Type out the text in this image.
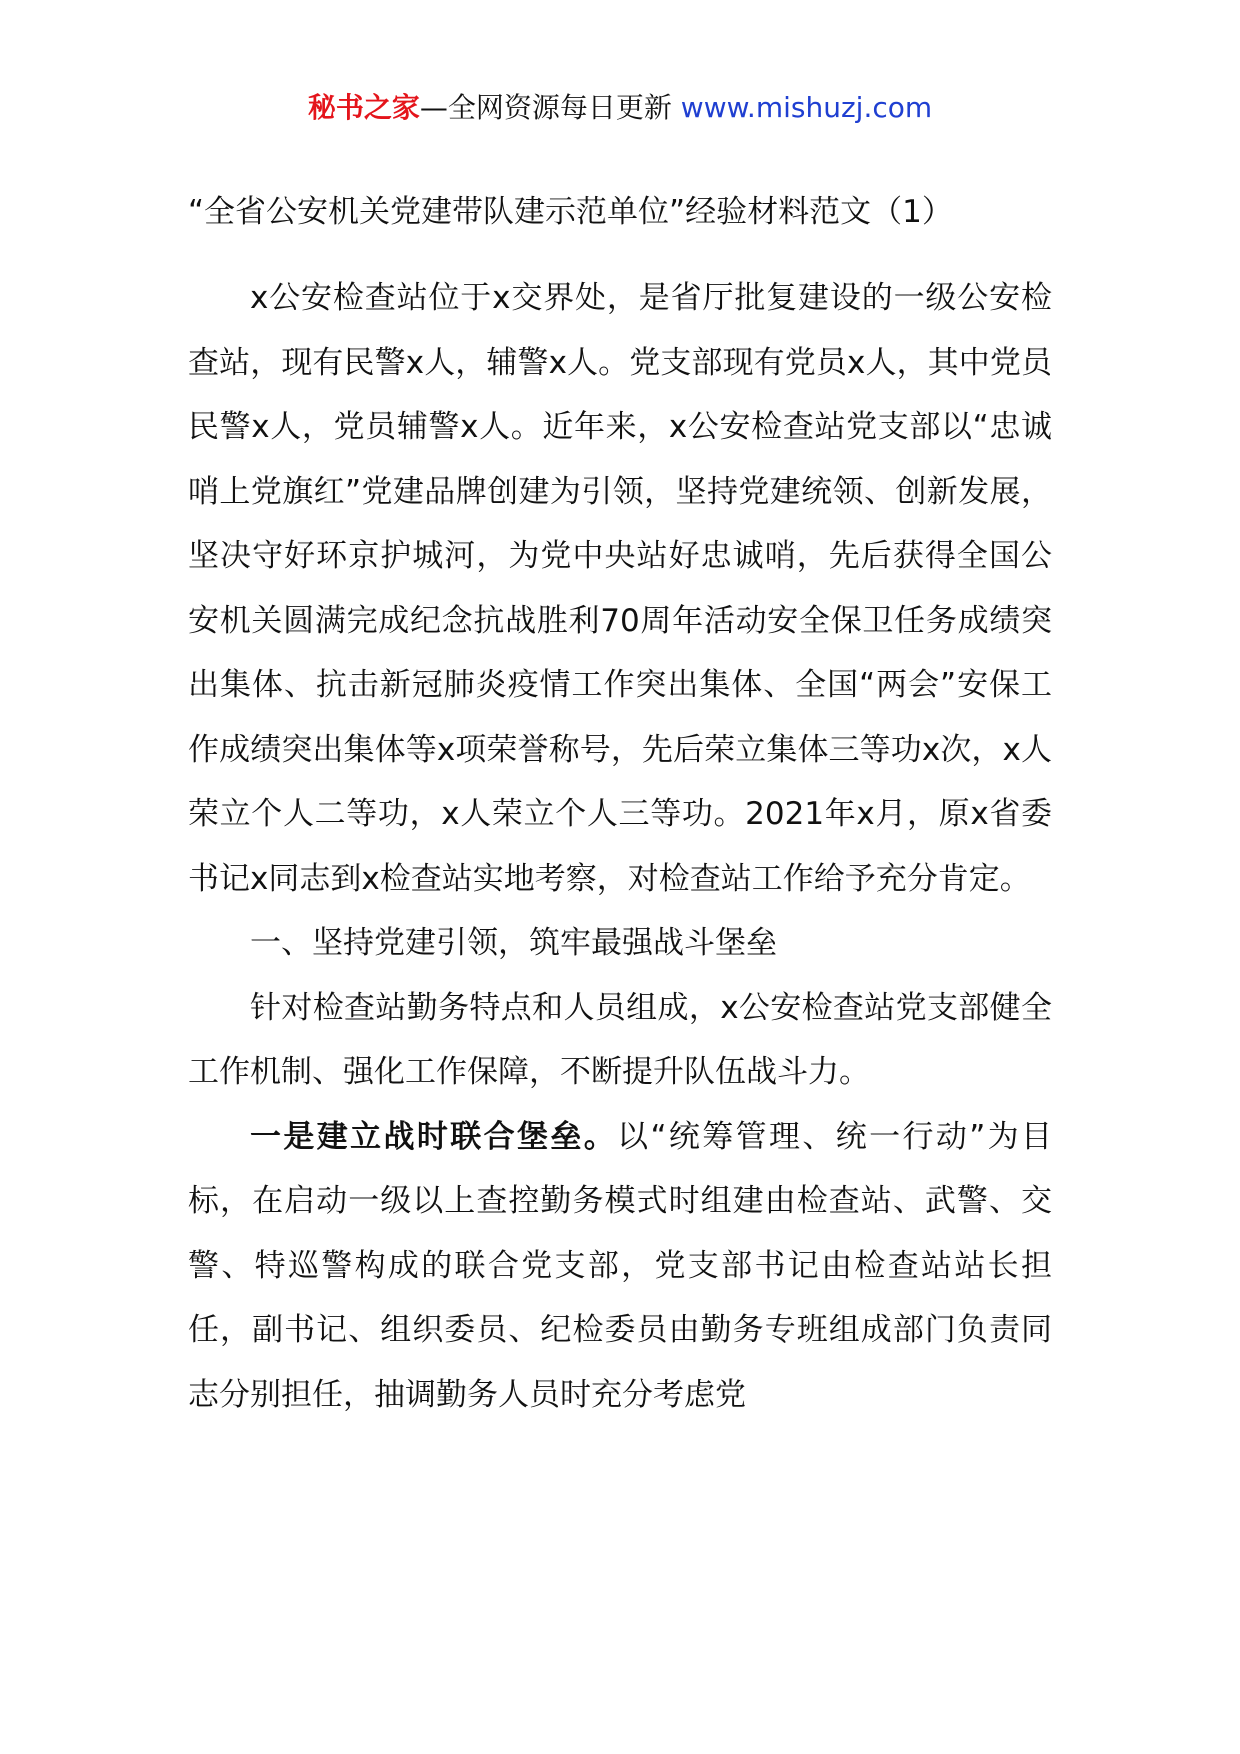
秘书之家—全网资源每日更新 www.mishuzj.com
“全省公安机关党建带队建示范单位”经验材料范文（1）

x公安检查站位于x交界处，是省厅批复建设的一级公安检查站，现有民警x人，辅警x人。党支部现有党员x人，其中党员民警x人，党员辅警x人。近年来，x公安检查站党支部以“忠诚哨上党旗红”党建品牌创建为引领，坚持党建统领、创新发展，坚决守好环京护城河，为党中央站好忠诚哨，先后获得全国公安机关圆满完成纪念抗战胜利70周年活动安全保卫任务成绩突出集体、抗击新冠肺炎疫情工作突出集体、全国“两会”安保工作成绩突出集体等x项荣誉称号，先后荣立集体三等功x次，x人荣立个人二等功，x人荣立个人三等功。2021年x月，原x省委书记x同志到x检查站实地考察，对检查站工作给予充分肯定。

一、坚持党建引领，筑牢最强战斗堡垒

针对检查站勤务特点和人员组成，x公安检查站党支部健全工作机制、强化工作保障，不断提升队伍战斗力。

一是建立战时联合堡垒。以“统筹管理、统一行动”为目标，在启动一级以上查控勤务模式时组建由检查站、武警、交警、特巡警构成的联合党支部，党支部书记由检查站站长担任，副书记、组织委员、纪检委员由勤务专班组成部门负责同志分别担任，抽调勤务人员时充分考虑党
